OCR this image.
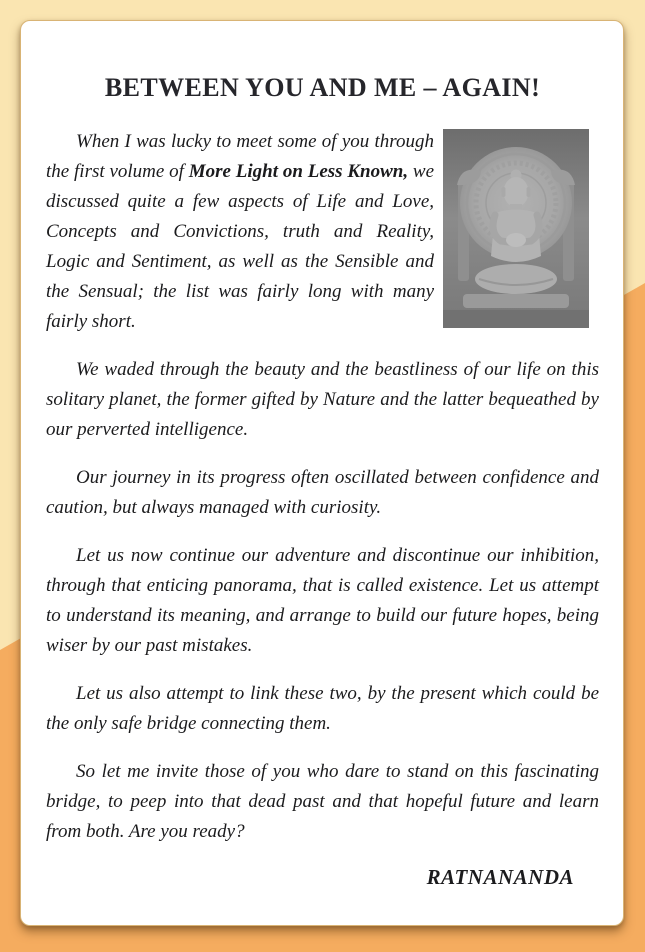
BETWEEN YOU AND ME – AGAIN!

When I was lucky to meet some of you through the first volume of More Light on Less Known, we discussed quite a few aspects of Life and Love, Concepts and Convictions, truth and Reality, Logic and Sentiment, as well as the Sensible and the Sensual; the list was fairly long with many fairly short.

We waded through the beauty and the beastliness of our life on this solitary planet, the former gifted by Nature and the latter bequeathed by our perverted intelligence.

Our journey in its progress often oscillated between confidence and caution, but always managed with curiosity.

Let us now continue our adventure and discontinue our inhibition, through that enticing panorama, that is called existence. Let us attempt to understand its meaning, and arrange to build our future hopes, being wiser by our past mistakes.

Let us also attempt to link these two, by the present which could be the only safe bridge connecting them.

So let me invite those of you who dare to stand on this fascinating bridge, to peep into that dead past and that hopeful future and learn from both. Are you ready?

RATNANANDA
